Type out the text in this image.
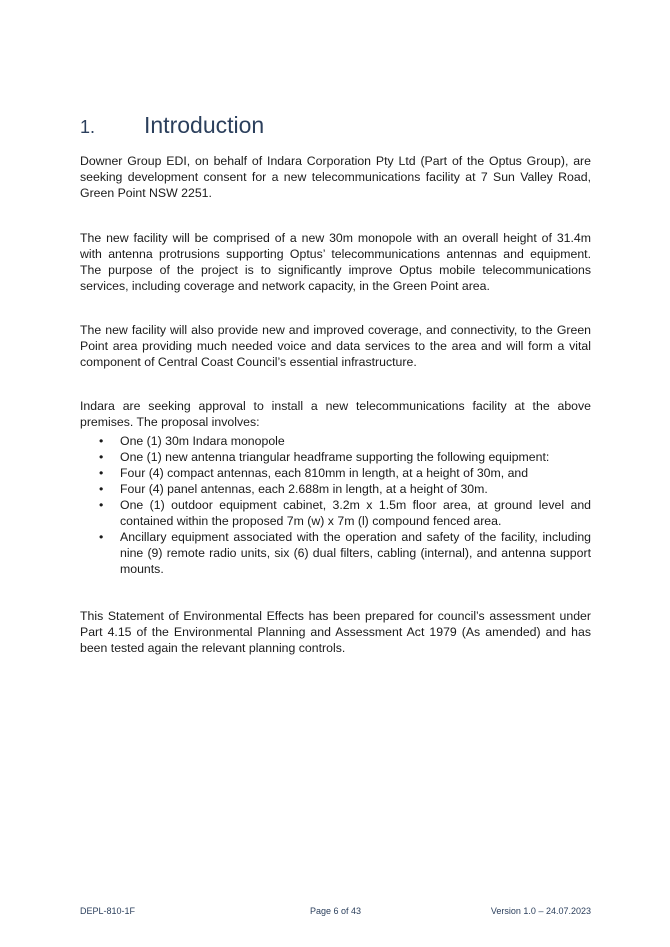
1.	Introduction

Downer Group EDI, on behalf of Indara Corporation Pty Ltd (Part of the Optus Group), are seeking development consent for a new telecommunications facility at 7 Sun Valley Road, Green Point NSW 2251.

The new facility will be comprised of a new 30m monopole with an overall height of 31.4m with antenna protrusions supporting Optus’ telecommunications antennas and equipment. The purpose of the project is to significantly improve Optus mobile telecommunications services, including coverage and network capacity, in the Green Point area.

The new facility will also provide new and improved coverage, and connectivity, to the Green Point area providing much needed voice and data services to the area and will form a vital component of Central Coast Council’s essential infrastructure.

Indara are seeking approval to install a new telecommunications facility at the above premises. The proposal involves:

• One (1) 30m Indara monopole
• One (1) new antenna triangular headframe supporting the following equipment:
• Four (4) compact antennas, each 810mm in length, at a height of 30m, and
• Four (4) panel antennas, each 2.688m in length, at a height of 30m.
• One (1) outdoor equipment cabinet, 3.2m x 1.5m floor area, at ground level and contained within the proposed 7m (w) x 7m (l) compound fenced area.
• Ancillary equipment associated with the operation and safety of the facility, including nine (9) remote radio units, six (6) dual filters, cabling (internal), and antenna support mounts.

This Statement of Environmental Effects has been prepared for council’s assessment under Part 4.15 of the Environmental Planning and Assessment Act 1979 (As amended) and has been tested again the relevant planning controls.

DEPL-810-1F	Page 6 of 43	Version 1.0 – 24.07.2023
